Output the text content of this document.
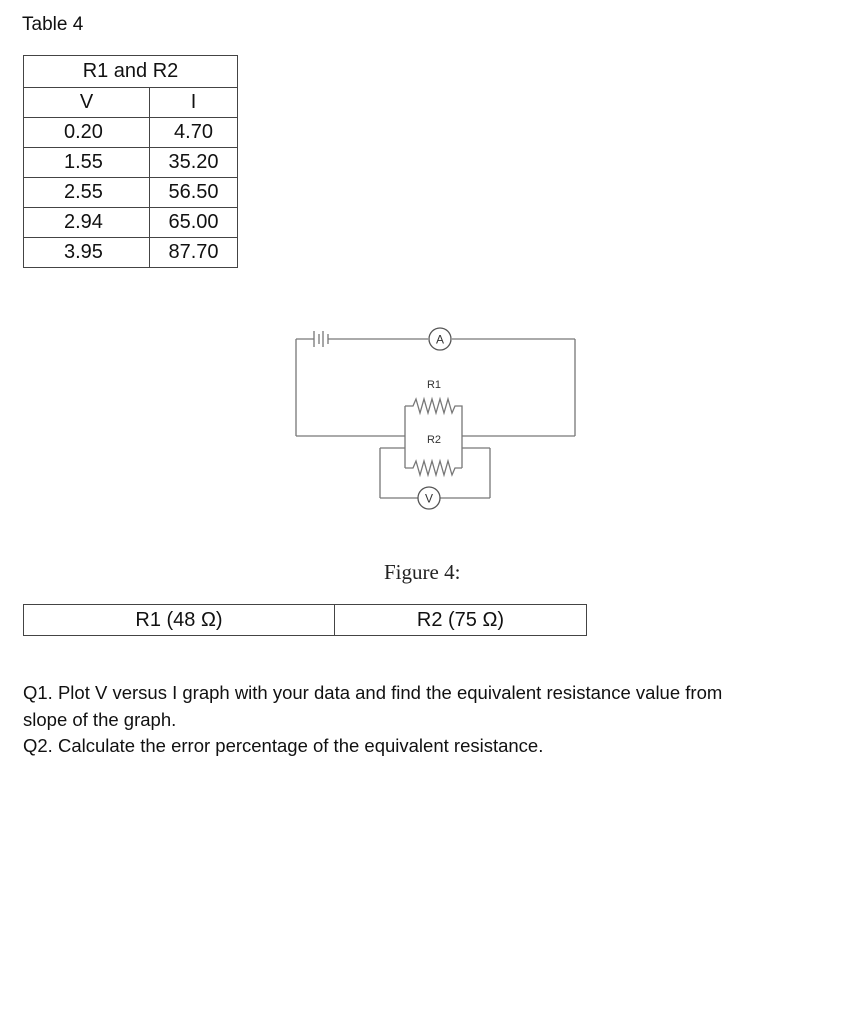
Table 4
R1 and R2	
V	I
0.20	4.70
1.55	35.20
2.55	56.50
2.94	65.00
3.95	87.70
A
R1
R2
V
Figure 4:
R1 (48 Ω)	R2 (75 Ω)

Q1. Plot V versus I graph with your data and find the equivalent resistance value from slope of the graph.

Q2. Calculate the error percentage of the equivalent resistance.
